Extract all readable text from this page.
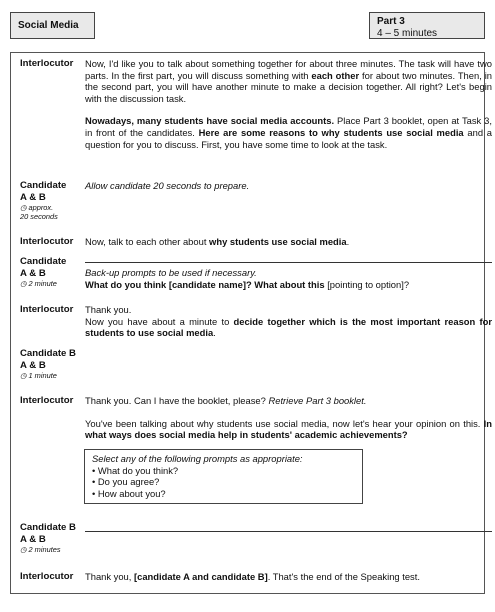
Social Media	Part 3
4 – 5 minutes
Interlocutor	Now, I'd like you to talk about something together for about three minutes. The task will have two parts. In the first part, you will discuss something with each other for about two minutes. Then, in the second part, you will have another minute to make a decision together. All right? Let's begin with the discussion task.

Nowadays, many students have social media accounts. Place Part 3 booklet, open at Task 3, in front of the candidates. Here are some reasons to why students use social media and a question for you to discuss. First, you have some time to look at the task.

Candidate
A & B
◷ approx.
20 seconds
Allow candidate 20 seconds to prepare.
Interlocutor	Now, talk to each other about why students use social media.
Candidate
A & B
◷ 2 minute
Back-up prompts to be used if necessary.
What do you think [candidate name]? What about this [pointing to option]?
Interlocutor	Thank you.
Now you have about a minute to decide together which is the most important reason for students to use social media.
Candidate B
A & B
◷ 1 minute
Interlocutor	Thank you. Can I have the booklet, please? Retrieve Part 3 booklet.

You've been talking about why students use social media, now let's hear your opinion on this. In what ways does social media help in students' academic achievements?

Select any of the following prompts as appropriate:
• What do you think?
• Do you agree?
• How about you?
Candidate B
A & B
◷ 2 minutes
Interlocutor	Thank you, [candidate A and candidate B]. That's the end of the Speaking test.
